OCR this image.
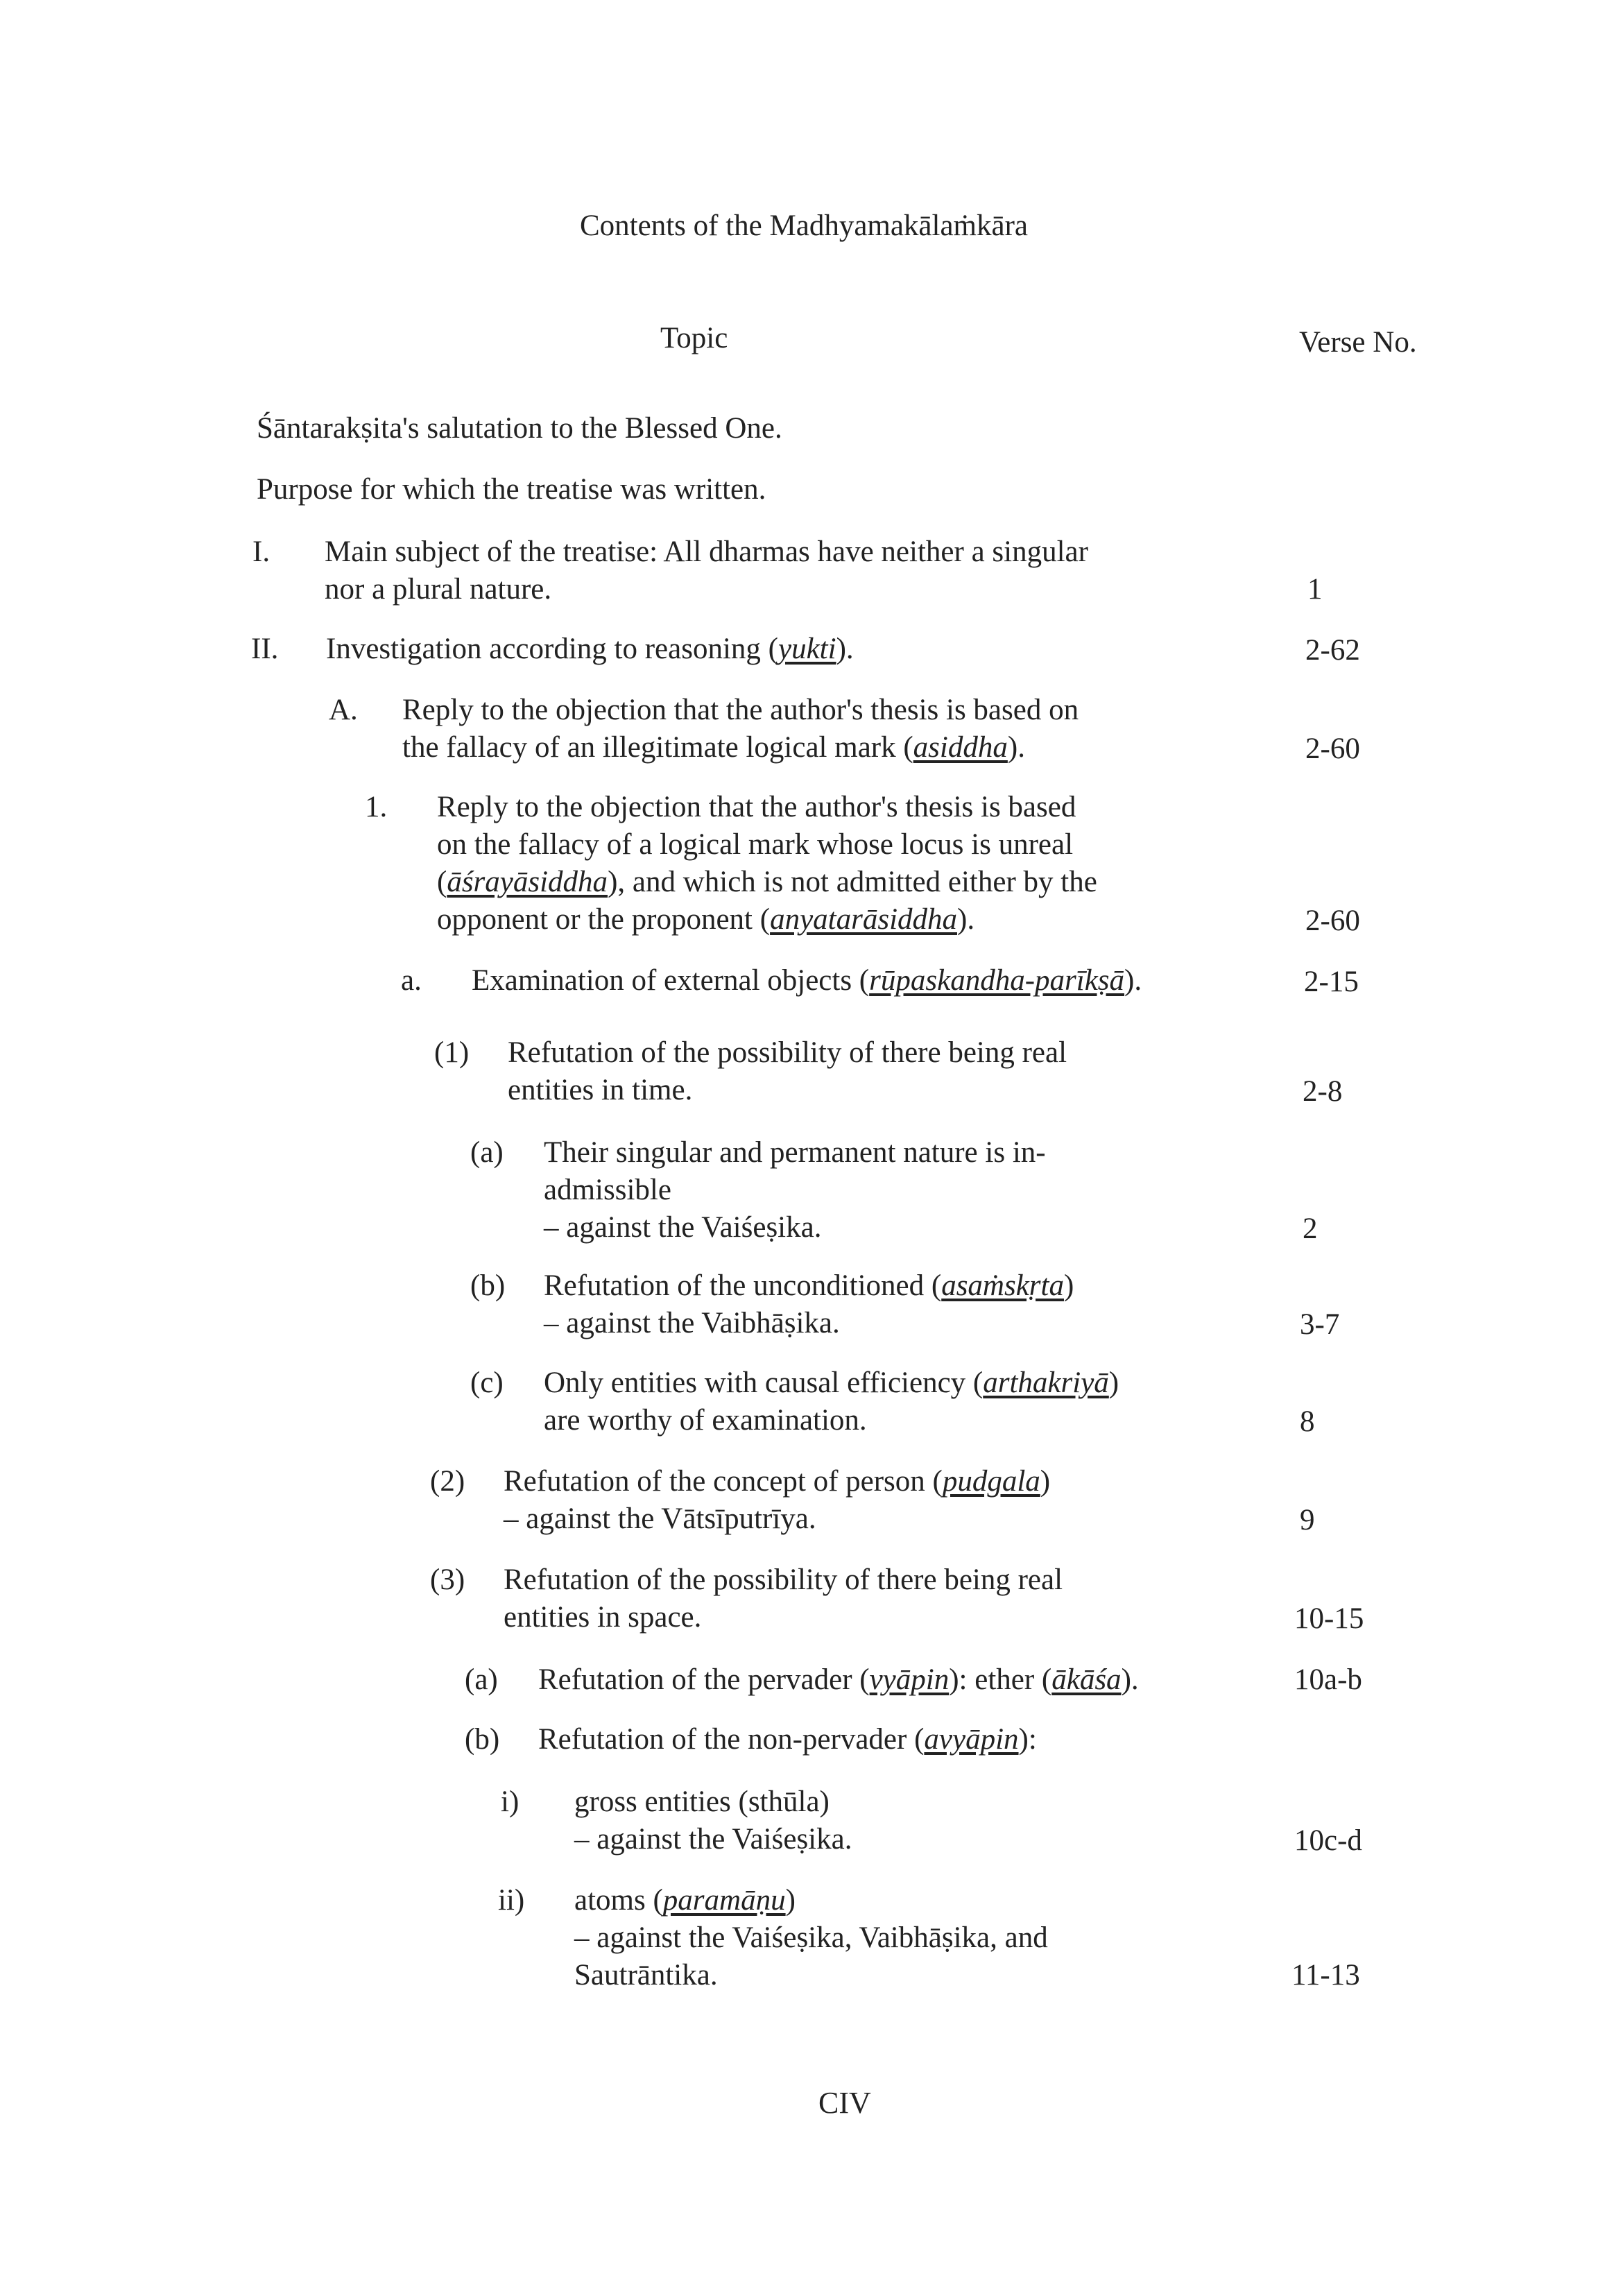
Contents of the Madhyamakālaṁkāra
Topic	Verse No.
Śāntarakṣita's salutation to the Blessed One.
Purpose for which the treatise was written.
I. Main subject of the treatise: All dharmas have neither a singular
nor a plural nature.	1
II. Investigation according to reasoning (yukti).	2-62
A. Reply to the objection that the author's thesis is based on
the fallacy of an illegitimate logical mark (asiddha).	2-60
1. Reply to the objection that the author's thesis is based
on the fallacy of a logical mark whose locus is unreal
(āśrayāsiddha), and which is not admitted either by the
opponent or the proponent (anyatarāsiddha).	2-60
a. Examination of external objects (rūpaskandha-parīkṣā).	2-15
(1) Refutation of the possibility of there being real
entities in time.	2-8
(a) Their singular and permanent nature is in-
admissible
– against the Vaiśeṣika.	2
(b) Refutation of the unconditioned (asaṁskṛta)
– against the Vaibhāṣika.	3-7
(c) Only entities with causal efficiency (arthakriyā)
are worthy of examination.	8
(2) Refutation of the concept of person (pudgala)
– against the Vātsīputrīya.	9
(3) Refutation of the possibility of there being real
entities in space.	10-15
(a) Refutation of the pervader (vyāpin): ether (ākāśa).	10a-b
(b) Refutation of the non-pervader (avyāpin):
i) gross entities (sthūla)
– against the Vaiśeṣika.	10c-d
ii) atoms (paramāṇu)
– against the Vaiśeṣika, Vaibhāṣika, and
Sautrāntika.	11-13
CIV
